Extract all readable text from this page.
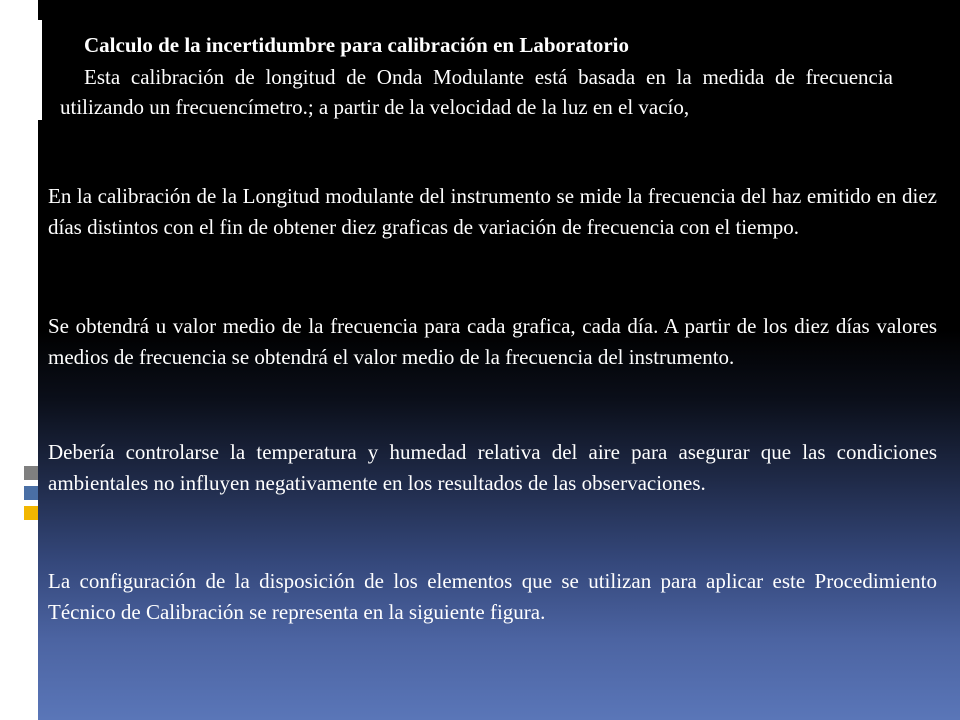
Calculo de la incertidumbre para calibración en Laboratorio
Esta calibración de longitud de Onda Modulante está basada en la medida de frecuencia utilizando un frecuencímetro.; a partir de la velocidad de la luz en el vacío,

En la calibración de la Longitud modulante del instrumento se mide la frecuencia del haz emitido en diez días distintos con el fin de obtener diez graficas de variación de frecuencia con el tiempo.

Se obtendrá u valor medio de la frecuencia para cada grafica, cada día. A partir de los diez días valores medios de frecuencia se obtendrá el valor medio de la frecuencia del instrumento.

Debería controlarse la temperatura y humedad relativa del aire para asegurar que las condiciones ambientales no influyen negativamente en los resultados de las observaciones.

La configuración de la disposición de los elementos que se utilizan para aplicar este Procedimiento Técnico de Calibración se representa en la siguiente figura.
